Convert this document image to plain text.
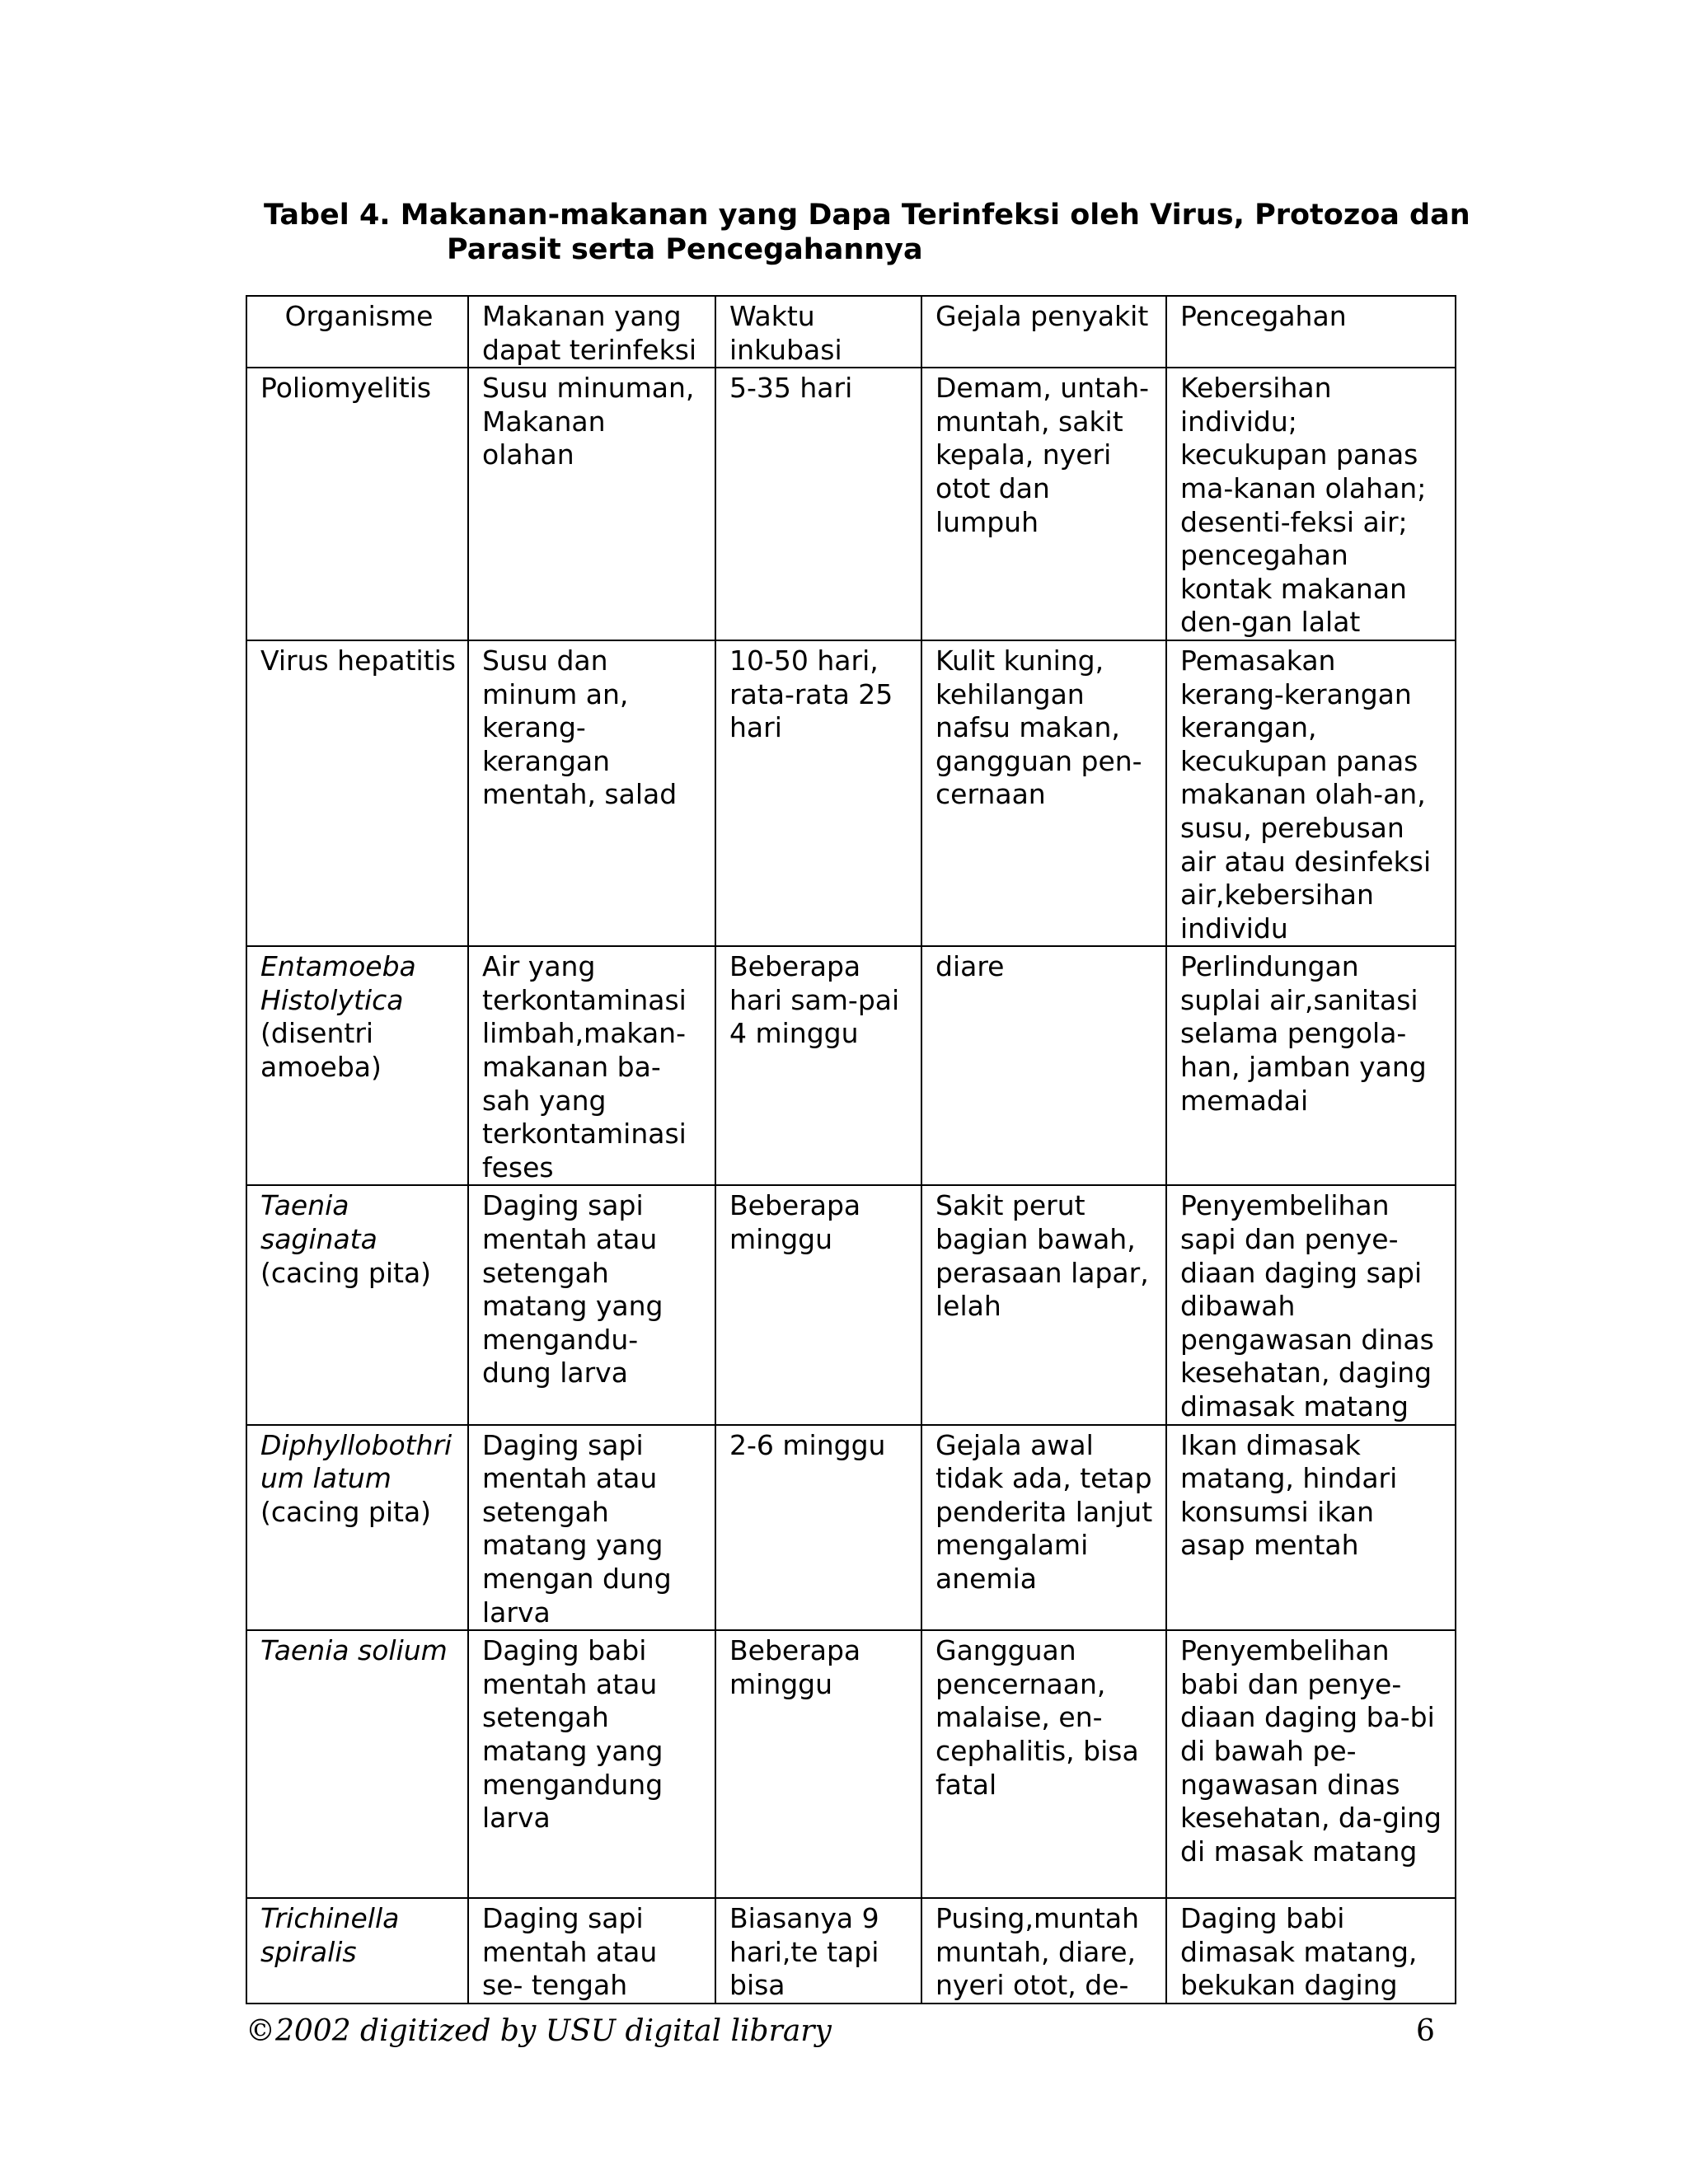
Tabel 4. Makanan-makanan yang Dapa Terinfeksi oleh Virus, Protozoa dan
Parasit serta Pencegahannya
Organisme	Makanan yang dapat terinfeksi	Waktu inkubasi	Gejala penyakit	Pencegahan
Poliomyelitis	Susu minuman, Makanan olahan	5-35 hari	Demam, untah-muntah, sakit kepala, nyeri otot dan lumpuh	Kebersihan individu; kecukupan panas ma-kanan olahan; desenti-feksi air; pencegahan kontak makanan den-gan lalat
Virus hepatitis	Susu dan minum an, kerang-kerangan mentah, salad	10-50 hari, rata-rata 25 hari	Kulit kuning, kehilangan nafsu makan, gangguan pen-cernaan	Pemasakan kerang-kerangan kerangan, kecukupan panas makanan olah-an, susu, perebusan air atau desinfeksi air,kebersihan individu
Entamoeba Histolytica (disentri amoeba)	Air yang terkontaminasi limbah,makan-makanan ba-sah yang terkontaminasi feses	Beberapa hari sam-pai 4 minggu	diare	Perlindungan suplai air,sanitasi selama pengola-han, jamban yang memadai
Taenia saginata (cacing pita)	Daging sapi mentah atau setengah matang yang mengandu-dung larva	Beberapa minggu	Sakit perut bagian bawah, perasaan lapar, lelah	Penyembelihan sapi dan penye-diaan daging sapi dibawah pengawasan dinas kesehatan, daging dimasak matang
Diphyllobothri um latum (cacing pita)	Daging sapi mentah atau setengah matang yang mengan dung larva	2-6 minggu	Gejala awal tidak ada, tetap penderita lanjut mengalami anemia	Ikan dimasak matang, hindari konsumsi ikan asap mentah
Taenia solium	Daging babi mentah atau setengah matang yang mengandung larva	Beberapa minggu	Gangguan pencernaan, malaise, en-cephalitis, bisa fatal	Penyembelihan babi dan penye-diaan daging ba-bi di bawah pe-ngawasan dinas kesehatan, da-ging di masak matang
Trichinella spiralis	Daging sapi mentah atau se- tengah	Biasanya 9 hari,te tapi bisa	Pusing,muntah muntah, diare, nyeri otot, de-	Daging babi dimasak matang, bekukan daging
©2002 digitized by USU digital library	6
